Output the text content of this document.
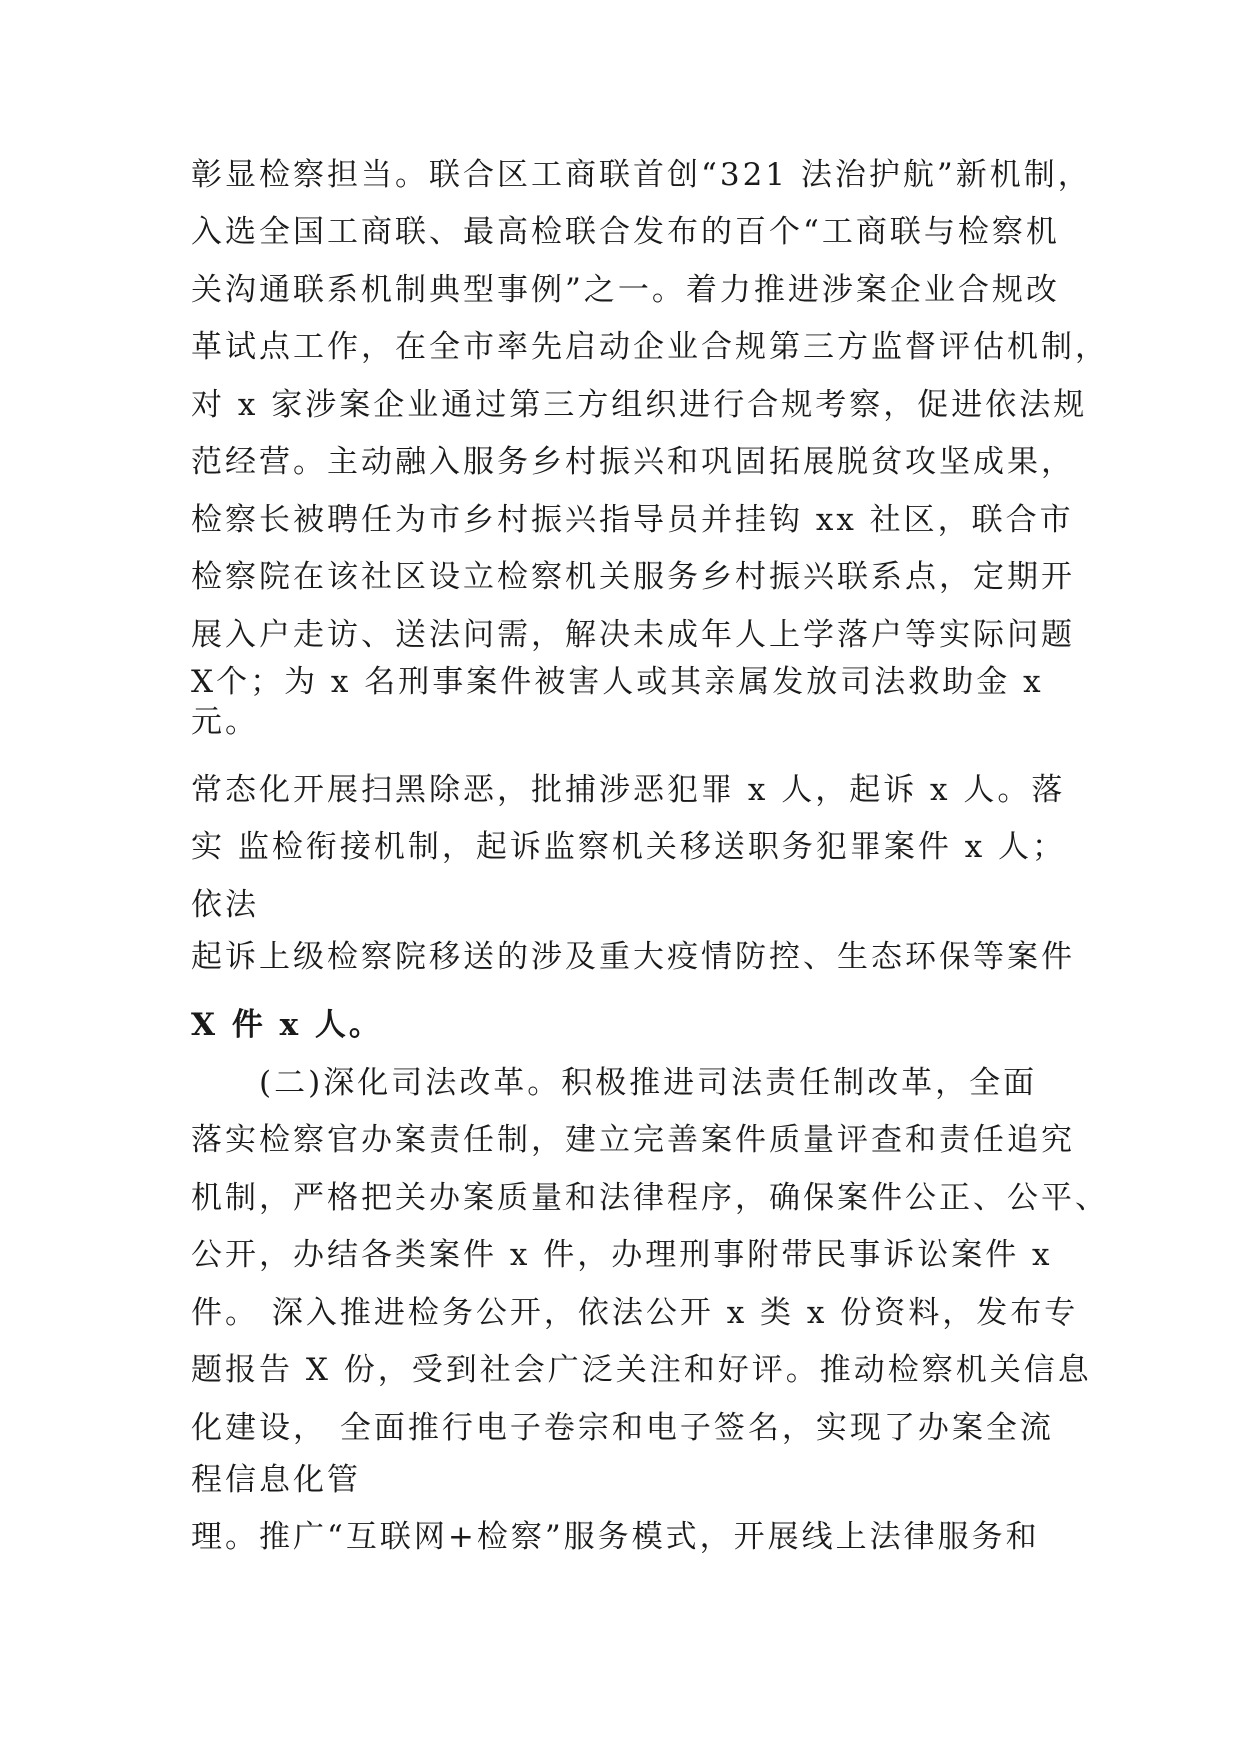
彰显检察担当。联合区工商联首创“321 法治护航”新机制，
入选全国工商联、最高检联合发布的百个“工商联与检察机
关沟通联系机制典型事例”之一。着力推进涉案企业合规改
革试点工作，在全市率先启动企业合规第三方监督评估机制，
对 x 家涉案企业通过第三方组织进行合规考察，促进依法规
范经营。主动融入服务乡村振兴和巩固拓展脱贫攻坚成果，
检察长被聘任为市乡村振兴指导员并挂钩 xx 社区，联合市
检察院在该社区设立检察机关服务乡村振兴联系点，定期开
展入户走访、送法问需，解决未成年人上学落户等实际问题
X个；为 x 名刑事案件被害人或其亲属发放司法救助金 x
元。
常态化开展扫黑除恶，批捕涉恶犯罪 x 人，起诉 x 人。落
实 监检衔接机制，起诉监察机关移送职务犯罪案件 x 人；
依法
起诉上级检察院移送的涉及重大疫情防控、生态环保等案件
X 件 x 人。
(二)深化司法改革。积极推进司法责任制改革，全面
落实检察官办案责任制，建立完善案件质量评查和责任追究
机制，严格把关办案质量和法律程序，确保案件公正、公平、
公开，办结各类案件 x 件，办理刑事附带民事诉讼案件 x
件。 深入推进检务公开，依法公开 x 类 x 份资料，发布专
题报告 X 份，受到社会广泛关注和好评。推动检察机关信息
化建设， 全面推行电子卷宗和电子签名，实现了办案全流
程信息化管
理。推广“互联网+检察”服务模式，开展线上法律服务和
